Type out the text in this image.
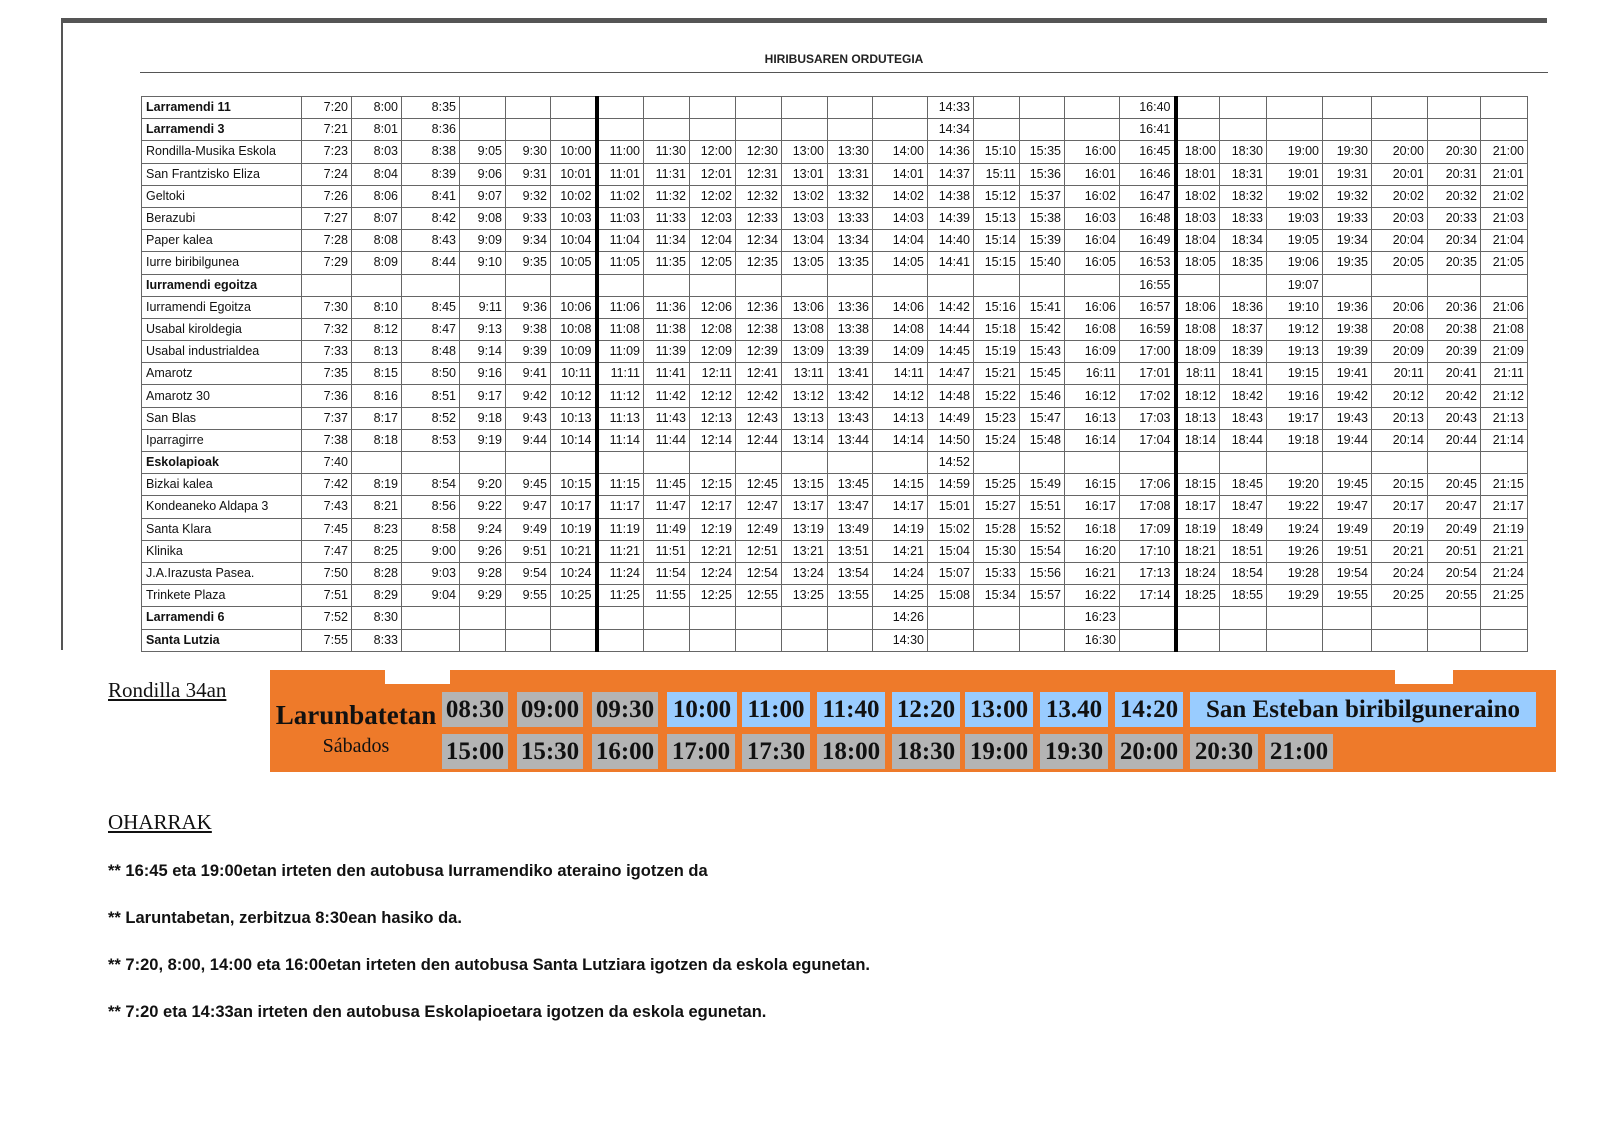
HIRIBUSAREN ORDUTEGIA
Larramendi 11	7:20	8:00	8:35											14:33				16:40							
Larramendi 3	7:21	8:01	8:36											14:34				16:41							
Rondilla-Musika Eskola	7:23	8:03	8:38	9:05	9:30	10:00	11:00	11:30	12:00	12:30	13:00	13:30	14:00	14:36	15:10	15:35	16:00	16:45	18:00	18:30	19:00	19:30	20:00	20:30	21:00
San Frantzisko Eliza	7:24	8:04	8:39	9:06	9:31	10:01	11:01	11:31	12:01	12:31	13:01	13:31	14:01	14:37	15:11	15:36	16:01	16:46	18:01	18:31	19:01	19:31	20:01	20:31	21:01
Geltoki	7:26	8:06	8:41	9:07	9:32	10:02	11:02	11:32	12:02	12:32	13:02	13:32	14:02	14:38	15:12	15:37	16:02	16:47	18:02	18:32	19:02	19:32	20:02	20:32	21:02
Berazubi	7:27	8:07	8:42	9:08	9:33	10:03	11:03	11:33	12:03	12:33	13:03	13:33	14:03	14:39	15:13	15:38	16:03	16:48	18:03	18:33	19:03	19:33	20:03	20:33	21:03
Paper kalea	7:28	8:08	8:43	9:09	9:34	10:04	11:04	11:34	12:04	12:34	13:04	13:34	14:04	14:40	15:14	15:39	16:04	16:49	18:04	18:34	19:05	19:34	20:04	20:34	21:04
Iurre biribilgunea	7:29	8:09	8:44	9:10	9:35	10:05	11:05	11:35	12:05	12:35	13:05	13:35	14:05	14:41	15:15	15:40	16:05	16:53	18:05	18:35	19:06	19:35	20:05	20:35	21:05
Iurramendi egoitza																		16:55			19:07				
Iurramendi Egoitza	7:30	8:10	8:45	9:11	9:36	10:06	11:06	11:36	12:06	12:36	13:06	13:36	14:06	14:42	15:16	15:41	16:06	16:57	18:06	18:36	19:10	19:36	20:06	20:36	21:06
Usabal kiroldegia	7:32	8:12	8:47	9:13	9:38	10:08	11:08	11:38	12:08	12:38	13:08	13:38	14:08	14:44	15:18	15:42	16:08	16:59	18:08	18:37	19:12	19:38	20:08	20:38	21:08
Usabal industrialdea	7:33	8:13	8:48	9:14	9:39	10:09	11:09	11:39	12:09	12:39	13:09	13:39	14:09	14:45	15:19	15:43	16:09	17:00	18:09	18:39	19:13	19:39	20:09	20:39	21:09
Amarotz	7:35	8:15	8:50	9:16	9:41	10:11	11:11	11:41	12:11	12:41	13:11	13:41	14:11	14:47	15:21	15:45	16:11	17:01	18:11	18:41	19:15	19:41	20:11	20:41	21:11
Amarotz 30	7:36	8:16	8:51	9:17	9:42	10:12	11:12	11:42	12:12	12:42	13:12	13:42	14:12	14:48	15:22	15:46	16:12	17:02	18:12	18:42	19:16	19:42	20:12	20:42	21:12
San Blas	7:37	8:17	8:52	9:18	9:43	10:13	11:13	11:43	12:13	12:43	13:13	13:43	14:13	14:49	15:23	15:47	16:13	17:03	18:13	18:43	19:17	19:43	20:13	20:43	21:13
Iparragirre	7:38	8:18	8:53	9:19	9:44	10:14	11:14	11:44	12:14	12:44	13:14	13:44	14:14	14:50	15:24	15:48	16:14	17:04	18:14	18:44	19:18	19:44	20:14	20:44	21:14
Eskolapioak	7:40													14:52											
Bizkai kalea	7:42	8:19	8:54	9:20	9:45	10:15	11:15	11:45	12:15	12:45	13:15	13:45	14:15	14:59	15:25	15:49	16:15	17:06	18:15	18:45	19:20	19:45	20:15	20:45	21:15
Kondeaneko Aldapa 3	7:43	8:21	8:56	9:22	9:47	10:17	11:17	11:47	12:17	12:47	13:17	13:47	14:17	15:01	15:27	15:51	16:17	17:08	18:17	18:47	19:22	19:47	20:17	20:47	21:17
Santa Klara	7:45	8:23	8:58	9:24	9:49	10:19	11:19	11:49	12:19	12:49	13:19	13:49	14:19	15:02	15:28	15:52	16:18	17:09	18:19	18:49	19:24	19:49	20:19	20:49	21:19
Klinika	7:47	8:25	9:00	9:26	9:51	10:21	11:21	11:51	12:21	12:51	13:21	13:51	14:21	15:04	15:30	15:54	16:20	17:10	18:21	18:51	19:26	19:51	20:21	20:51	21:21
J.A.Irazusta Pasea.	7:50	8:28	9:03	9:28	9:54	10:24	11:24	11:54	12:24	12:54	13:24	13:54	14:24	15:07	15:33	15:56	16:21	17:13	18:24	18:54	19:28	19:54	20:24	20:54	21:24
Trinkete Plaza	7:51	8:29	9:04	9:29	9:55	10:25	11:25	11:55	12:25	12:55	13:25	13:55	14:25	15:08	15:34	15:57	16:22	17:14	18:25	18:55	19:29	19:55	20:25	20:55	21:25
Larramendi 6	7:52	8:30											14:26				16:23								
Santa Lutzia	7:55	8:33											14:30				16:30								
Rondilla 34an
Larunbatetan
Sábados
08:30 09:00 09:30 10:00 11:00 11:40 12:20 13:00 13.40 14:20
15:00 15:30 16:00 17:00 17:30 18:00 18:30 19:00 19:30 20:00 20:30 21:00
San Esteban biribilguneraino
OHARRAK
** 16:45 eta 19:00etan irteten den autobusa Iurramendiko ateraino igotzen da
** Laruntabetan, zerbitzua 8:30ean hasiko da.
** 7:20, 8:00, 14:00 eta 16:00etan irteten den autobusa Santa Lutziara igotzen da eskola egunetan.
** 7:20 eta 14:33an irteten den autobusa Eskolapioetara igotzen da eskola egunetan.
